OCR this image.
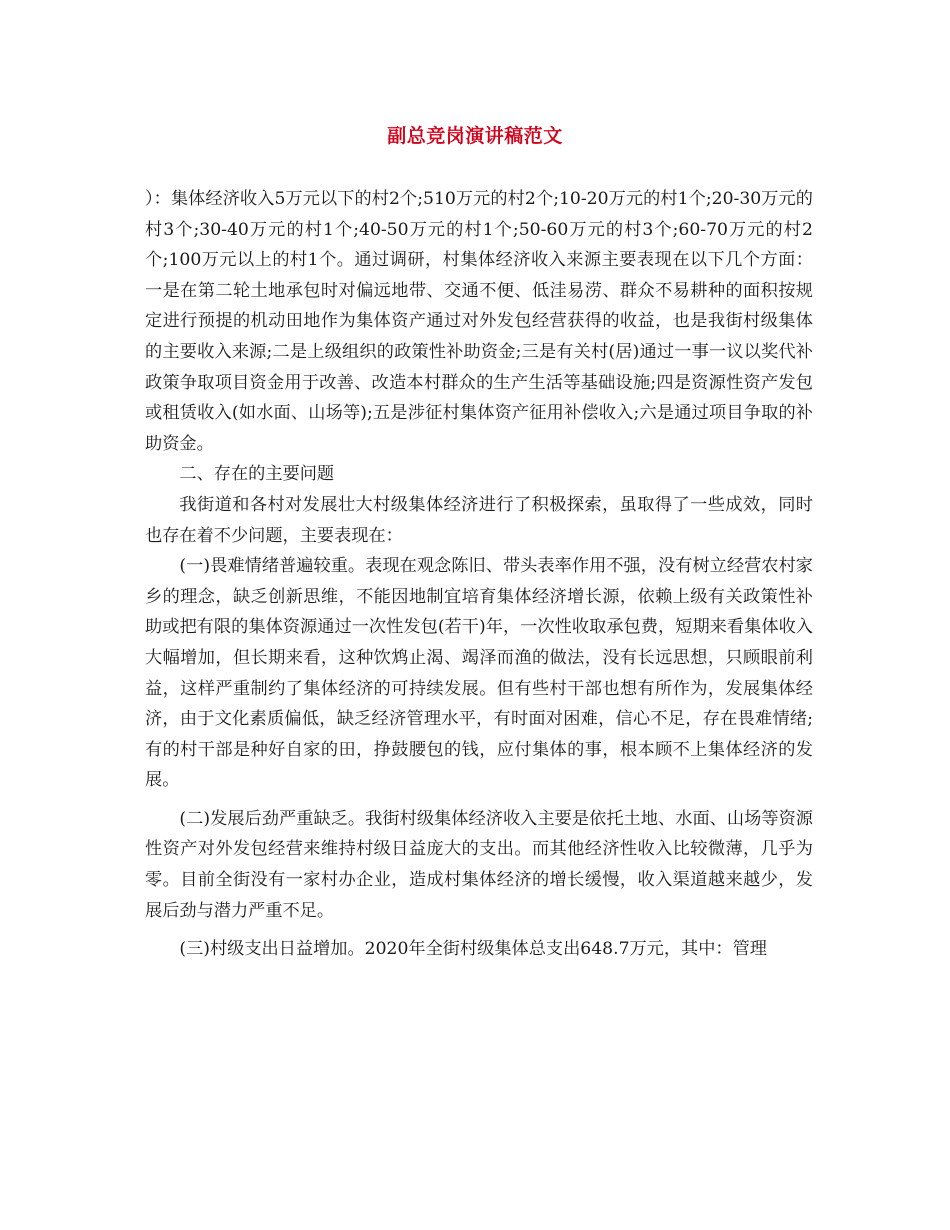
副总竞岗演讲稿范文

）：集体经济收入5万元以下的村2个;510万元的村2个;10-20万元的村1个;20-30万元的村3个;30-40万元的村1个;40-50万元的村1个;50-60万元的村3个;60-70万元的村2个;100万元以上的村1个。通过调研，村集体经济收入来源主要表现在以下几个方面：一是在第二轮土地承包时对偏远地带、交通不便、低洼易涝、群众不易耕种的面积按规定进行预提的机动田地作为集体资产通过对外发包经营获得的收益，也是我街村级集体的主要收入来源;二是上级组织的政策性补助资金;三是有关村(居)通过一事一议以奖代补政策争取项目资金用于改善、改造本村群众的生产生活等基础设施;四是资源性资产发包或租赁收入(如水面、山场等);五是涉征村集体资产征用补偿收入;六是通过项目争取的补助资金。

二、存在的主要问题

我街道和各村对发展壮大村级集体经济进行了积极探索，虽取得了一些成效，同时也存在着不少问题，主要表现在：

(一)畏难情绪普遍较重。表现在观念陈旧、带头表率作用不强，没有树立经营农村家乡的理念，缺乏创新思维，不能因地制宜培育集体经济增长源，依赖上级有关政策性补助或把有限的集体资源通过一次性发包(若干)年，一次性收取承包费，短期来看集体收入大幅增加，但长期来看，这种饮鸩止渴、竭泽而渔的做法，没有长远思想，只顾眼前利益，这样严重制约了集体经济的可持续发展。但有些村干部也想有所作为，发展集体经济，由于文化素质偏低，缺乏经济管理水平，有时面对困难，信心不足，存在畏难情绪;有的村干部是种好自家的田，挣鼓腰包的钱，应付集体的事，根本顾不上集体经济的发展。

(二)发展后劲严重缺乏。我街村级集体经济收入主要是依托土地、水面、山场等资源性资产对外发包经营来维持村级日益庞大的支出。而其他经济性收入比较微薄，几乎为零。目前全街没有一家村办企业，造成村集体经济的增长缓慢，收入渠道越来越少，发展后劲与潜力严重不足。

(三)村级支出日益增加。2020年全街村级集体总支出648.7万元，其中：管理
